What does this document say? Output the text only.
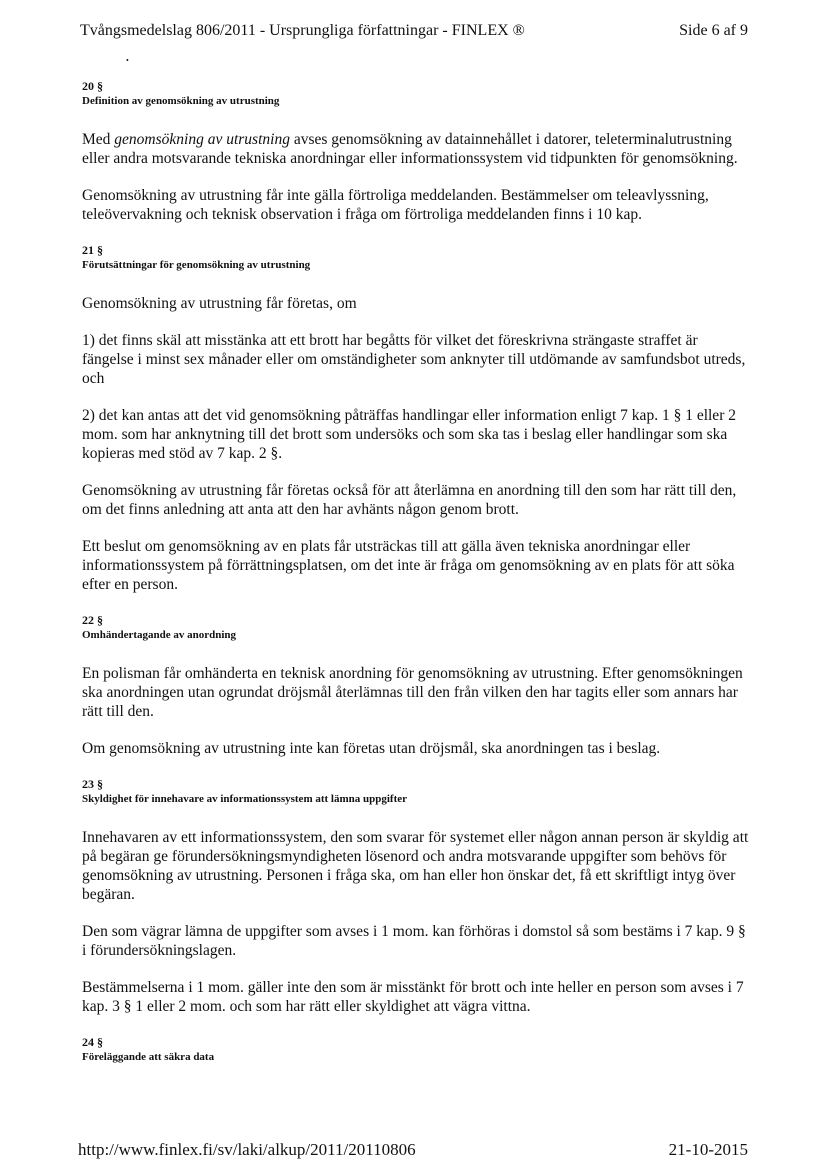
Tvångsmedelslag 806/2011 - Ursprungliga författningar - FINLEX ®	Side 6 af 9
•
20 §
Definition av genomsökning av utrustning

Med genomsökning av utrustning avses genomsökning av datainnehållet i datorer, teleterminalutrustning eller andra motsvarande tekniska anordningar eller informationssystem vid tidpunkten för genomsökning.

Genomsökning av utrustning får inte gälla förtroliga meddelanden. Bestämmelser om teleavlyssning, teleövervakning och teknisk observation i fråga om förtroliga meddelanden finns i 10 kap.

21 §
Förutsättningar för genomsökning av utrustning

Genomsökning av utrustning får företas, om

1) det finns skäl att misstänka att ett brott har begåtts för vilket det föreskrivna strängaste straffet är fängelse i minst sex månader eller om omständigheter som anknyter till utdömande av samfundsbot utreds, och

2) det kan antas att det vid genomsökning påträffas handlingar eller information enligt 7 kap. 1 § 1 eller 2 mom. som har anknytning till det brott som undersöks och som ska tas i beslag eller handlingar som ska kopieras med stöd av 7 kap. 2 §.

Genomsökning av utrustning får företas också för att återlämna en anordning till den som har rätt till den, om det finns anledning att anta att den har avhänts någon genom brott.

Ett beslut om genomsökning av en plats får utsträckas till att gälla även tekniska anordningar eller informationssystem på förrättningsplatsen, om det inte är fråga om genomsökning av en plats för att söka efter en person.

22 §
Omhändertagande av anordning

En polisman får omhänderta en teknisk anordning för genomsökning av utrustning. Efter genomsökningen ska anordningen utan ogrundat dröjsmål återlämnas till den från vilken den har tagits eller som annars har rätt till den.

Om genomsökning av utrustning inte kan företas utan dröjsmål, ska anordningen tas i beslag.

23 §
Skyldighet för innehavare av informationssystem att lämna uppgifter

Innehavaren av ett informationssystem, den som svarar för systemet eller någon annan person är skyldig att på begäran ge förundersökningsmyndigheten lösenord och andra motsvarande uppgifter som behövs för genomsökning av utrustning. Personen i fråga ska, om han eller hon önskar det, få ett skriftligt intyg över begäran.

Den som vägrar lämna de uppgifter som avses i 1 mom. kan förhöras i domstol så som bestäms i 7 kap. 9 § i förundersökningslagen.

Bestämmelserna i 1 mom. gäller inte den som är misstänkt för brott och inte heller en person som avses i 7 kap. 3 § 1 eller 2 mom. och som har rätt eller skyldighet att vägra vittna.

24 §
Föreläggande att säkra data
http://www.finlex.fi/sv/laki/alkup/2011/20110806	21-10-2015
